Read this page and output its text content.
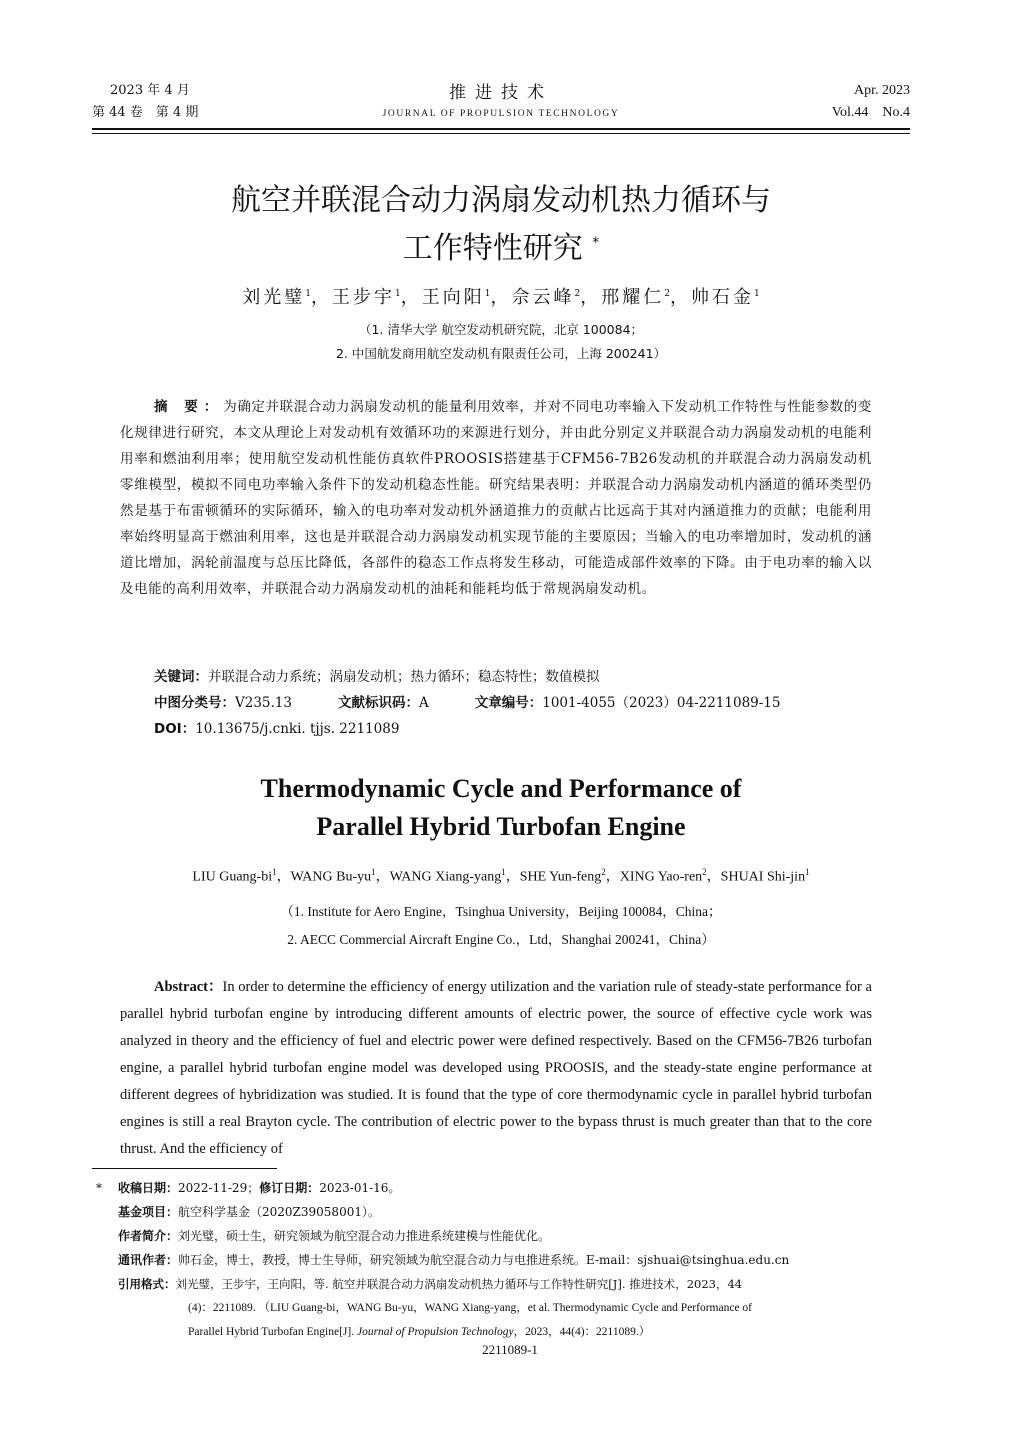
2023 年 4 月
第 44 卷　第 4 期
推进技术
JOURNAL OF PROPULSION TECHNOLOGY
Apr. 2023
Vol.44　No.4
航空并联混合动力涡扇发动机热力循环与
工作特性研究 *
刘光璧$^1$，王步宇$^1$，王向阳$^1$，佘云峰$^2$，邢耀仁$^2$，帅石金$^1$
（1. 清华大学 航空发动机研究院，北京 100084；
2. 中国航发商用航空发动机有限责任公司，上海 200241）
摘 要：为确定并联混合动力涡扇发动机的能量利用效率，并对不同电功率输入下发动机工作特性与性能参数的变化规律进行研究，本文从理论上对发动机有效循环功的来源进行划分，并由此分别定义并联混合动力涡扇发动机的电能利用率和燃油利用率；使用航空发动机性能仿真软件PROOSIS搭建基于CFM56-7B26发动机的并联混合动力涡扇发动机零维模型，模拟不同电功率输入条件下的发动机稳态性能。研究结果表明：并联混合动力涡扇发动机内涵道的循环类型仍然是基于布雷顿循环的实际循环，输入的电功率对发动机外涵道推力的贡献占比远高于其对内涵道推力的贡献；电能利用率始终明显高于燃油利用率，这也是并联混合动力涡扇发动机实现节能的主要原因；当输入的电功率增加时，发动机的涵道比增加，涡轮前温度与总压比降低，各部件的稳态工作点将发生移动，可能造成部件效率的下降。由于电功率的输入以及电能的高利用效率，并联混合动力涡扇发动机的油耗和能耗均低于常规涡扇发动机。
关键词：并联混合动力系统；涡扇发动机；热力循环；稳态特性；数值模拟
中图分类号：V235.13	文献标识码：A	文章编号：1001-4055（2023）04-2211089-15
DOI：10.13675/j.cnki. tjjs. 2211089
Thermodynamic Cycle and Performance of
Parallel Hybrid Turbofan Engine
LIU Guang-$bi^1$，WANG $Bu-yu^1$，WANG Xiang-yang$^1$，SHE Yun-feng$^2$，XING Yao-ren$^2$，SHUAI Shi-jin$^1$
（1. Institute for Aero Engine，Tsinghua University，Beijing 100084，China；
2. AECC Commercial Aircraft Engine Co.，Ltd，Shanghai 200241，China）
Abstract：In order to determine the efficiency of energy utilization and the variation rule of steady-state performance for a parallel hybrid turbofan engine by introducing different amounts of electric power, the source of effective cycle work was analyzed in theory and the efficiency of fuel and electric power were defined respectively. Based on the CFM56-7B26 turbofan engine, a parallel hybrid turbofan engine model was developed using PROOSIS, and the steady-state engine performance at different degrees of hybridization was studied. It is found that the type of core thermodynamic cycle in parallel hybrid turbofan engines is still a real Brayton cycle. The contribution of electric power to the bypass thrust is much greater than that to the core thrust. And the efficiency of
* 收稿日期：2022-11-29；修订日期：2023-01-16。
基金项目：航空科学基金（2020Z39058001）。
作者简介：刘光璧，硕士生，研究领域为航空混合动力推进系统建模与性能优化。
通讯作者：帅石金，博士，教授，博士生导师，研究领域为航空混合动力与电推进系统。E-mail：sjshuai@tsinghua.edu.cn
引用格式：刘光璧，王步宇，王向阳，等. 航空并联混合动力涡扇发动机热力循环与工作特性研究[J]. 推进技术，2023，44
(4)：2211089. （LIU Guang-bi，WANG Bu-yu，WANG Xiang-yang，et al. Thermodynamic Cycle and Performance of
Parallel Hybrid Turbofan Engine[J]. Journal of Propulsion Technology，2023，44(4)：2211089.）
2211089-1
